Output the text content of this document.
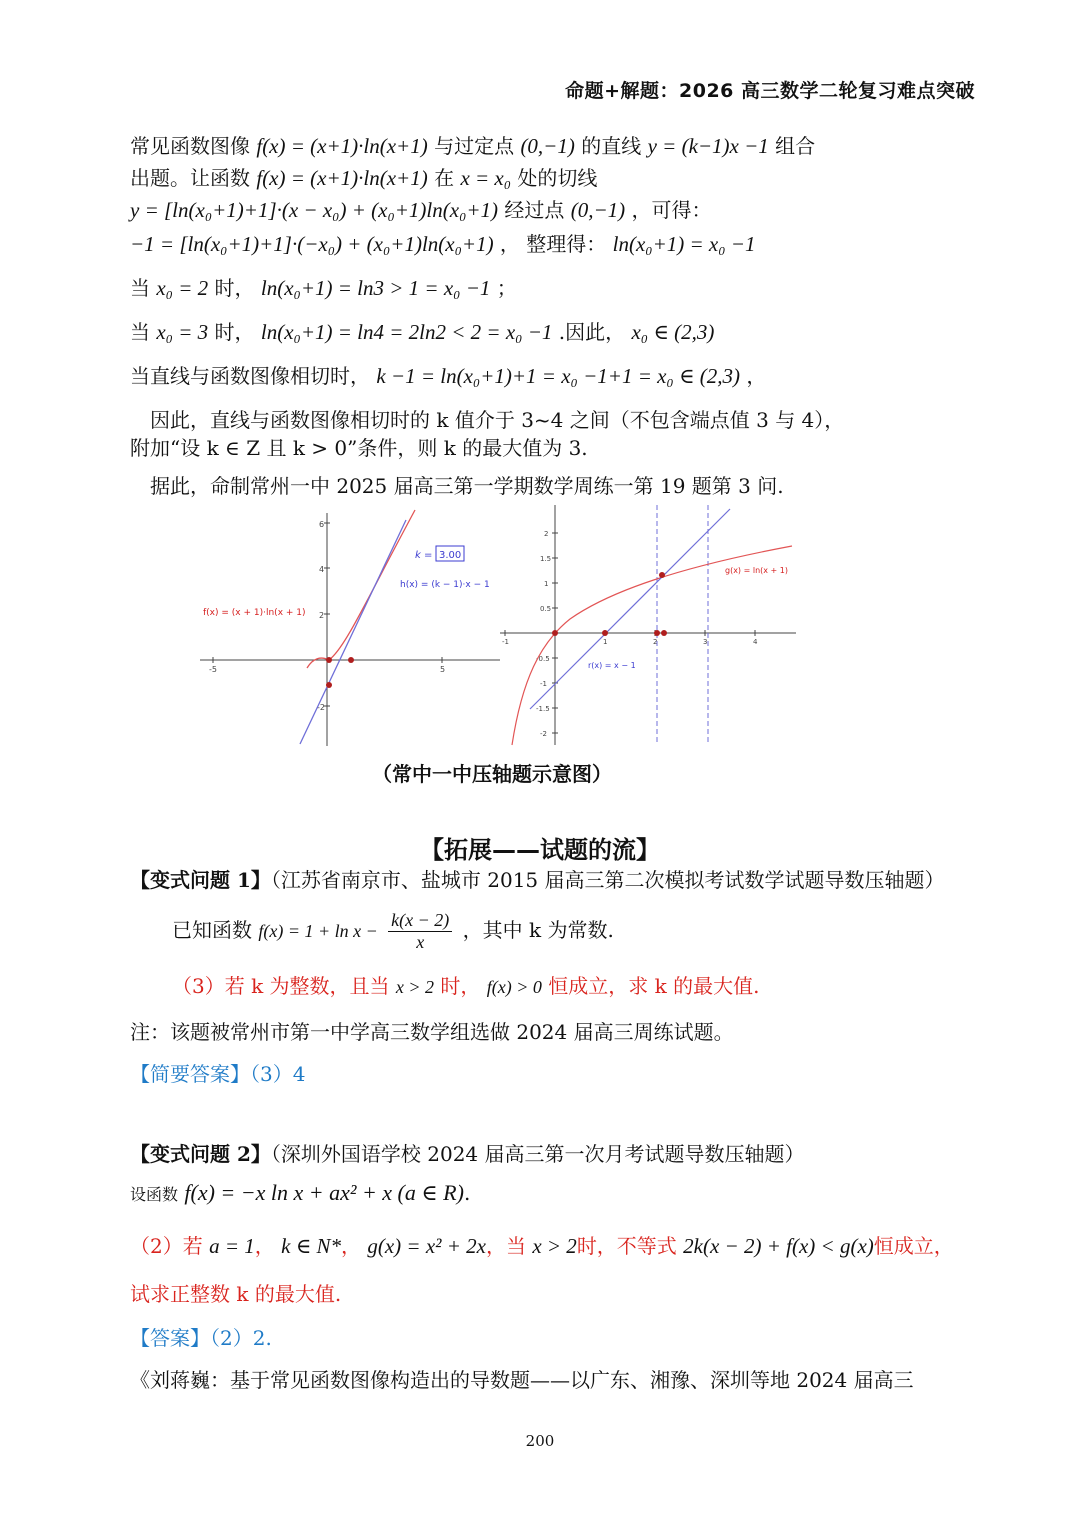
命题+解题：2026 高三数学二轮复习难点突破
常见函数图像 f(x) = (x+1)·ln(x+1) 与过定点 (0,−1) 的直线 y = (k−1)x −1 组合
出题。让函数 f(x) = (x+1)·ln(x+1) 在 x = x₀ 处的切线
y = [ln(x₀+1)+1]·(x − x₀) + (x₀+1)ln(x₀+1) 经过点 (0,−1) ，可得：
−1 = [ln(x₀+1)+1]·(−x₀) + (x₀+1)ln(x₀+1) ， 整理得： ln(x₀+1) = x₀ −1
当 x₀ = 2 时， ln(x₀+1) = ln3 > 1 = x₀ −1 ；
当 x₀ = 3 时， ln(x₀+1) = ln4 = 2ln2 < 2 = x₀ −1 .因此， x₀ ∈ (2,3)
当直线与函数图像相切时， k −1 = ln(x₀+1)+1 = x₀ −1+1 = x₀ ∈ (2,3) ，
因此，直线与函数图像相切时的 k 值介于 3~4 之间（不包含端点值 3 与 4），
附加“设 k ∈ Z 且 k > 0”条件，则 k 的最大值为 3.
据此，命制常州一中 2025 届高三第一学期数学周练一第 19 题第 3 问.
6
4
2
-2
-5	5
k = 3.00
h(x) = (k − 1)·x − 1
f(x) = (x + 1)·ln(x + 1)
2
1.5
1
0.5
-0.5
-1
-1.5
-2
-1	1	2	3	4
g(x) = ln(x + 1)
r(x) = x − 1
（常中一中压轴题示意图）
【拓展——试题的流】
【变式问题 1】（江苏省南京市、盐城市 2015 届高三第二次模拟考试数学试题导数压轴题）
已知函数 $f(x) = 1 + \ln x - \frac{k(x - 2)}{x}$ ，其中 k 为常数.
（3）若 k 为整数，且当 x > 2 时， f(x) > 0 恒成立，求 k 的最大值.
注：该题被常州市第一中学高三数学组选做 2024 届高三周练试题。
【简要答案】（3）4
【变式问题 2】（深圳外国语学校 2024 届高三第一次月考试题导数压轴题）
设函数 f(x) = −x ln x + ax² + x (a ∈ R).
（2）若 a = 1， k ∈ N*， g(x) = x² + 2x，当 x > 2时，不等式 2k(x − 2) + f(x) < g(x)恒成立，
试求正整数 k 的最大值.
【答案】（2）2.
《刘蒋巍：基于常见函数图像构造出的导数题——以广东、湘豫、深圳等地 2024 届高三
200
